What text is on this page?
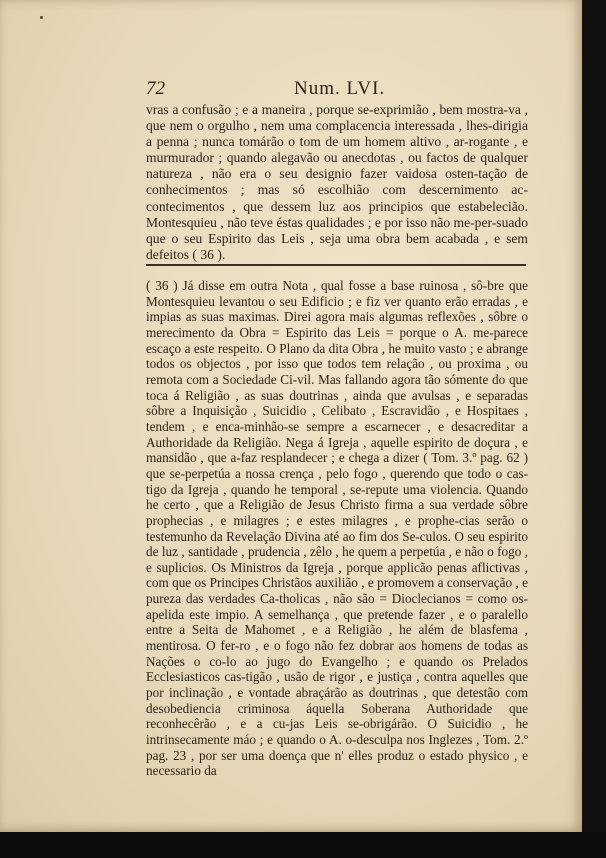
72	Num. LVI.

vras a confusão ; e a maneira , porque se-exprimião , bem mostra-va , que nem o orgulho , nem uma complacencia interessada , lhes-dirigia a penna ; nunca tomárão o tom de um homem altivo , ar-rogante , e murmurador ; quando alegavão ou anecdotas , ou factos de qualquer natureza , não era o seu designio fazer vaidosa osten-tação de conhecimentos ; mas só escolhião com descernimento ac-contecimentos , que dessem luz aos principios que estabelecião. Montesquieu , não teve éstas qualidades ; e por isso não me-per-suado que o seu Espirito das Leis , seja uma obra bem acabada , e sem defeitos ( 36 ).

( 36 ) Já disse em outra Nota , qual fosse a base ruinosa , sô-bre que Montesquieu levantou o seu Edificio ; e fiz ver quanto erão erradas , e impias as suas maximas. Direi agora mais algumas reflexões , sôbre o merecimento da Obra = Espirito das Leis = porque o A. me-parece escaço a este respeito. O Plano da dita Obra , he muito vasto ; e abrange todos os objectos , por isso que todos tem relação , ou proxima , ou remota com a Sociedade Ci-vil. Mas fallando agora tão sómente do que toca á Religião , as suas doutrinas , ainda que avulsas , e separadas sôbre a Inquisição , Suicidio , Celibato , Escravidão , e Hospitaes , tendem , e enca-minhão-se sempre a escarnecer , e desacreditar a Authoridade da Religião. Nega á Igreja , aquelle espirito de doçura , e mansidão , que a-faz resplandecer ; e chega a dizer ( Tom. 3.º pag. 62 ) que se-perpetúa a nossa crença , pelo fogo , querendo que todo o cas-tigo da Igreja , quando he temporal , se-repute uma violencia. Quando he certo , que a Religião de Jesus Christo firma a sua verdade sôbre prophecias , e milagres ; e estes milagres , e prophe-cias serão o testemunho da Revelação Divina até ao fim dos Se-culos. O seu espirito de luz , santidade , prudencia , zêlo , he quem a perpetúa , e não o fogo , e suplicios. Os Ministros da Igreja , porque applicão penas aflictivas , com que os Principes Christãos auxilião , e promovem a conservação , e pureza das verdades Ca-tholicas , não são = Dioclecianos = como os-apelida este impio. A semelhança , que pretende fazer , e o paralello entre a Seita de Mahomet , e a Religião , he além de blasfema , mentirosa. O fer-ro , e o fogo não fez dobrar aos homens de todas as Nações o co-lo ao jugo do Evangelho ; e quando os Prelados Ecclesiasticos cas-tigão , usão de rigor , e justiça , contra aquelles que por inclinação , e vontade abraçárão as doutrinas , que detestão com desobediencia criminosa áquella Soberana Authoridade que reconhecêrão , e a cu-jas Leis se-obrigárão. O Suicidio , he intrinsecamente máo ; e quando o A. o-desculpa nos Inglezes , Tom. 2.º pag. 23 , por ser uma doença que n' elles produz o estado physico , e necessario da
